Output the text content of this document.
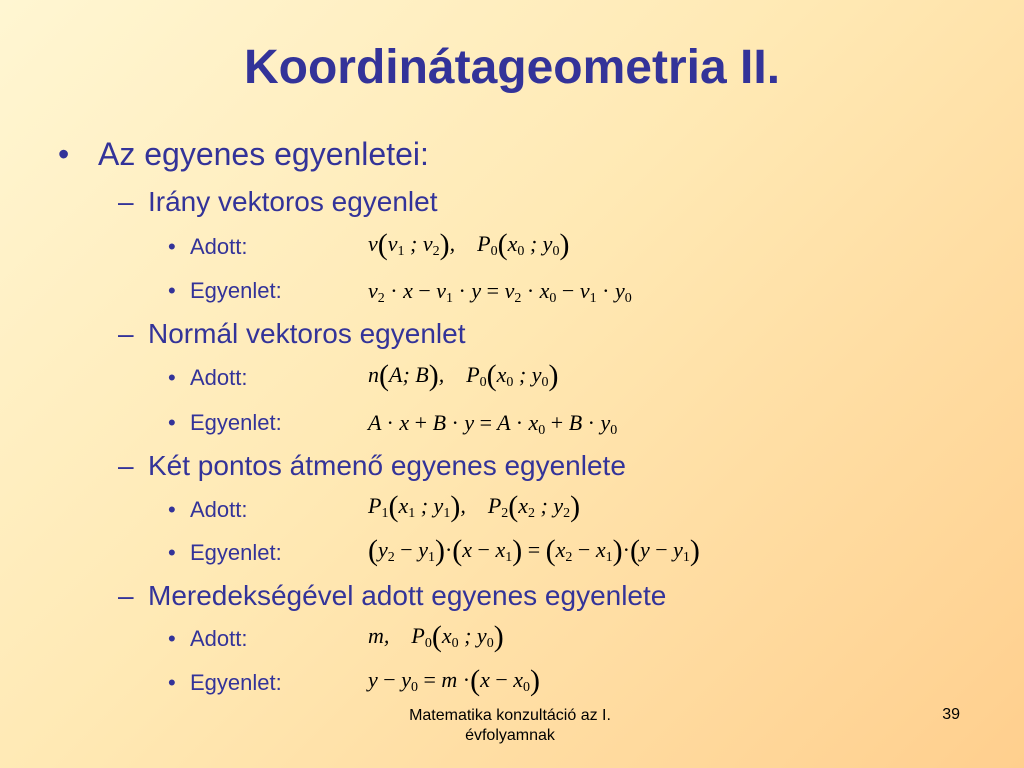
Koordinátageometria II.
• Az egyenes egyenletei:
– Irány vektoros egyenlet
• Adott:	$v(v_1$ ; $v_2$),    $P_0(x_0$ ; $y_0$)
• Egyenlet:	$v_2 \cdot x - v_1 \cdot y = v_2 \cdot x_0 - v_1 \cdot y_0$
– Normál vektoros egyenlet
• Adott:	n(A; B),    $P_0(x_0$ ; $y_0$)
• Egyenlet:	$A \cdot x + B \cdot y = A \cdot x_0 + B \cdot y_0$
– Két pontos átmenő egyenes egyenlete
• Adott:	$P_1(x_1$ ; $y_1$),    $P_2(x_2$ ; $y_2$)
• Egyenlet:	$(y_2 - y_1)\cdot(x - x_1) = (x_2 - x_1)\cdot(y - y_1)$
– Meredekségével adott egyenes egyenlete
• Adott:	m,    $P_0(x_0$ ; $y_0$)
• Egyenlet:	$y - y_0 = m \cdot(x - x_0)$
Matematika konzultáció az I.
évfolyamnak
39
